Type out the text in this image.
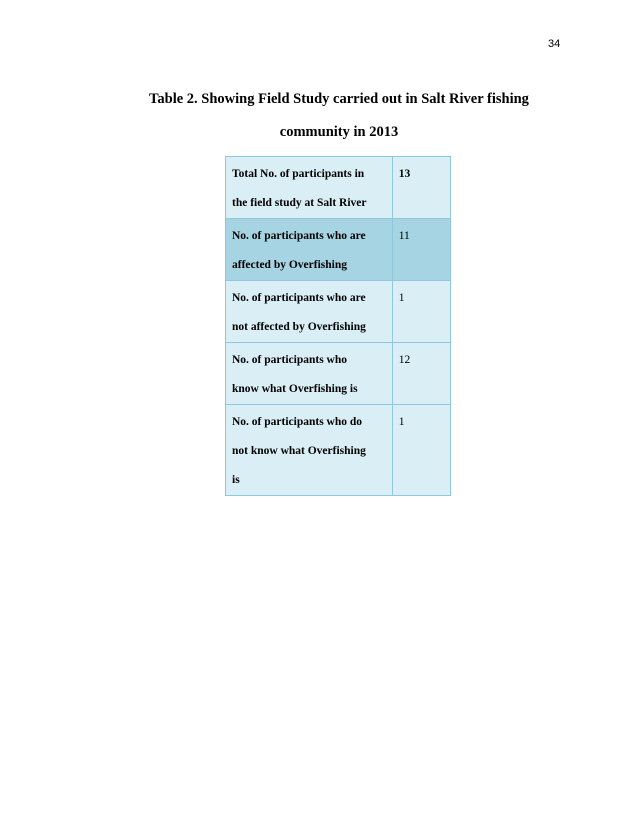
34
Table 2. Showing Field Study carried out in Salt River fishing
community in 2013
Total No. of participants in
the field study at Salt River	13

No. of participants who are
affected by Overfishing	11

No. of participants who are
not affected by Overfishing	1

No. of participants who
know what Overfishing is	12

No. of participants who do
not know what Overfishing
is	1
